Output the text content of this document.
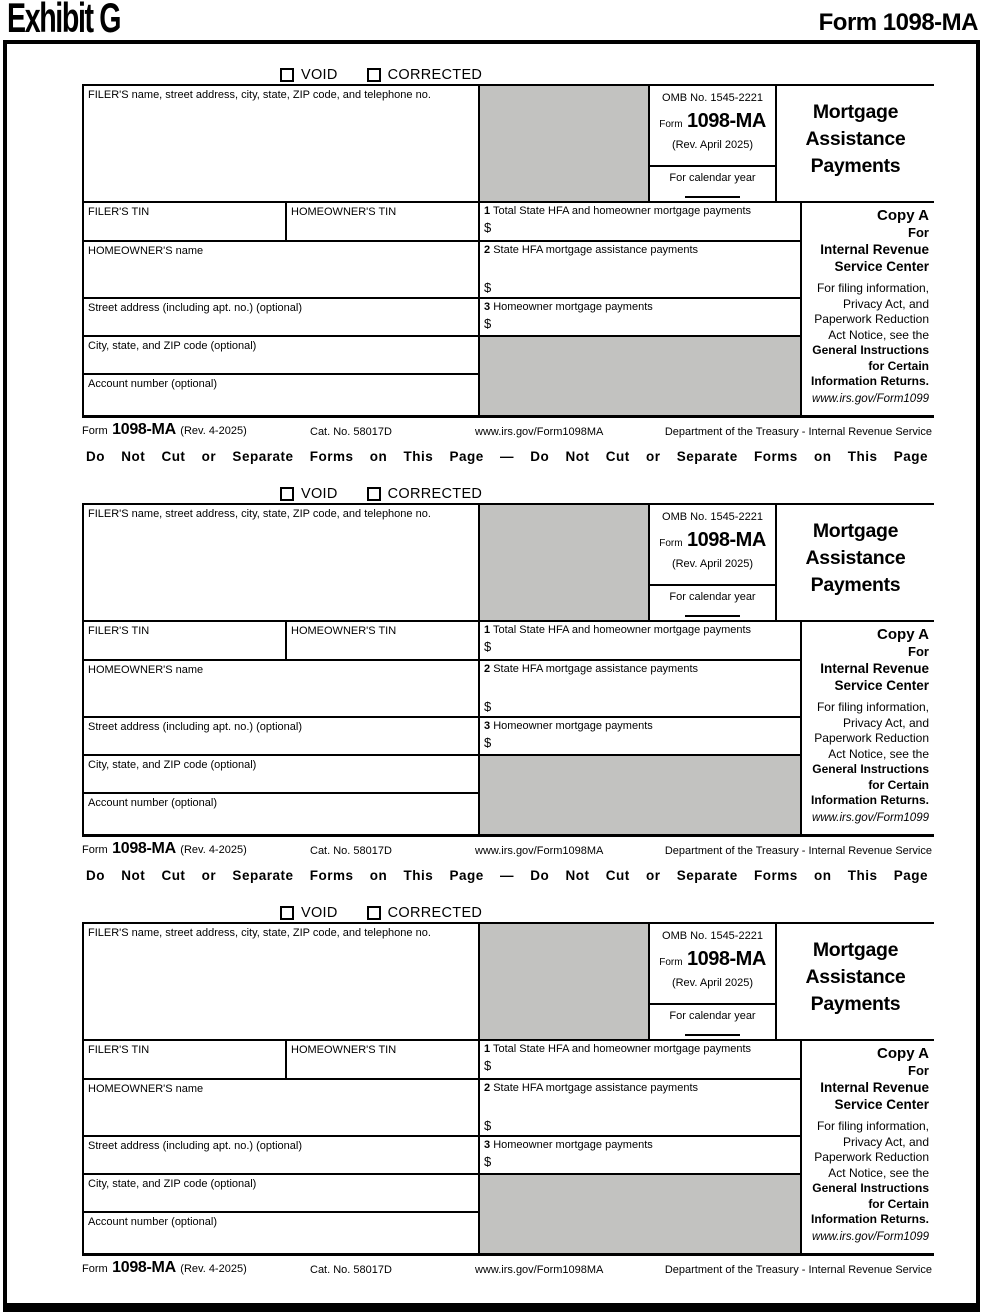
Exhibit G	Form 1098-MA
VOID	CORRECTED
FILER'S name, street address, city, state, ZIP code, and telephone no.	OMB No. 1545-2221
Form 1098-MA
(Rev. April 2025)
For calendar year
Mortgage
Assistance
Payments
FILER'S TIN	HOMEOWNER'S TIN	1 Total State HFA and homeowner mortgage payments
$
HOMEOWNER'S name	2 State HFA mortgage assistance payments
$
Street address (including apt. no.) (optional)	3 Homeowner mortgage payments
$
City, state, and ZIP code (optional)
Account number (optional)
Copy A
For
Internal Revenue
Service Center
For filing information,
Privacy Act, and
Paperwork Reduction
Act Notice, see the
General Instructions
for Certain
Information Returns.
www.irs.gov/Form1099
Form 1098-MA (Rev. 4-2025)	Cat. No. 58017D	www.irs.gov/Form1098MA	Department of the Treasury - Internal Revenue Service
Do Not Cut or Separate Forms on This Page — Do Not Cut or Separate Forms on This Page
VOID	CORRECTED
FILER'S name, street address, city, state, ZIP code, and telephone no.	OMB No. 1545-2221
Form 1098-MA
(Rev. April 2025)
For calendar year
Mortgage
Assistance
Payments
FILER'S TIN	HOMEOWNER'S TIN	1 Total State HFA and homeowner mortgage payments
$
HOMEOWNER'S name	2 State HFA mortgage assistance payments
$
Street address (including apt. no.) (optional)	3 Homeowner mortgage payments
$
City, state, and ZIP code (optional)
Account number (optional)
Copy A
For
Internal Revenue
Service Center
For filing information,
Privacy Act, and
Paperwork Reduction
Act Notice, see the
General Instructions
for Certain
Information Returns.
www.irs.gov/Form1099
Form 1098-MA (Rev. 4-2025)	Cat. No. 58017D	www.irs.gov/Form1098MA	Department of the Treasury - Internal Revenue Service
Do Not Cut or Separate Forms on This Page — Do Not Cut or Separate Forms on This Page
VOID	CORRECTED
FILER'S name, street address, city, state, ZIP code, and telephone no.	OMB No. 1545-2221
Form 1098-MA
(Rev. April 2025)
For calendar year
Mortgage
Assistance
Payments
FILER'S TIN	HOMEOWNER'S TIN	1 Total State HFA and homeowner mortgage payments
$
HOMEOWNER'S name	2 State HFA mortgage assistance payments
$
Street address (including apt. no.) (optional)	3 Homeowner mortgage payments
$
City, state, and ZIP code (optional)
Account number (optional)
Copy A
For
Internal Revenue
Service Center
For filing information,
Privacy Act, and
Paperwork Reduction
Act Notice, see the
General Instructions
for Certain
Information Returns.
www.irs.gov/Form1099
Form 1098-MA (Rev. 4-2025)	Cat. No. 58017D	www.irs.gov/Form1098MA	Department of the Treasury - Internal Revenue Service
